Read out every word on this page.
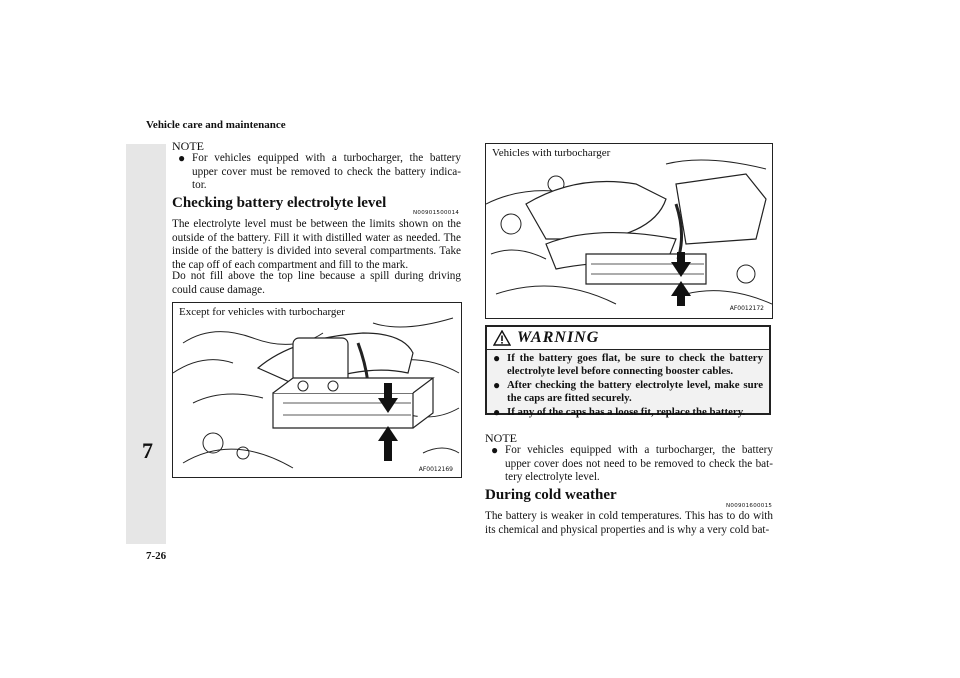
Vehicle care and maintenance
7
NOTE
● For vehicles equipped with a turbocharger, the battery upper cover must be removed to check the battery indica-tor.
Checking battery electrolyte level
N00901500014
The electrolyte level must be between the limits shown on the outside of the battery. Fill it with distilled water as needed. The inside of the battery is divided into several compartments. Take the cap off of each compartment and fill to the mark.
Do not fill above the top line because a spill during driving could cause damage.
Except for vehicles with turbocharger
AF0012169
Vehicles with turbocharger
AF0012172
WARNING
● If the battery goes flat, be sure to check the battery electrolyte level before connecting booster cables.
● After checking the battery electrolyte level, make sure the caps are fitted securely.
● If any of the caps has a loose fit, replace the battery.
NOTE
● For vehicles equipped with a turbocharger, the battery upper cover does not need to be removed to check the bat-tery electrolyte level.
During cold weather
N00901600015
The battery is weaker in cold temperatures. This has to do with its chemical and physical properties and is why a very cold bat-
7-26
